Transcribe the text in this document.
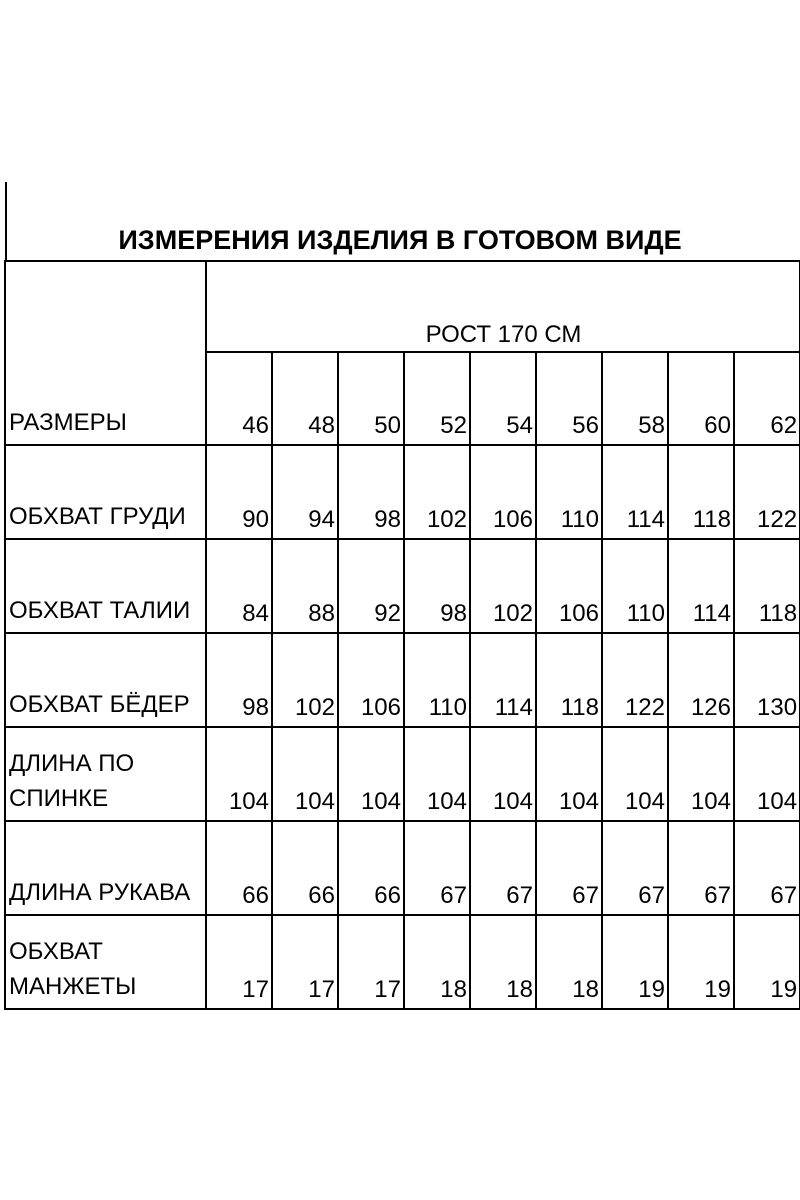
ИЗМЕРЕНИЯ ИЗДЕЛИЯ В ГОТОВОМ ВИДЕ
РАЗМЕРЫ	РОСТ 170 СМ								
	46	48	50	52	54	56	58	60	62
ОБХВАТ ГРУДИ	90	94	98	102	106	110	114	118	122
ОБХВАТ ТАЛИИ	84	88	92	98	102	106	110	114	118
ОБХВАТ БЁДЕР	98	102	106	110	114	118	122	126	130
ДЛИНА ПО
СПИНКЕ	104	104	104	104	104	104	104	104	104
ДЛИНА РУКАВА	66	66	66	67	67	67	67	67	67
ОБХВАТ
МАНЖЕТЫ	17	17	17	18	18	18	19	19	19
